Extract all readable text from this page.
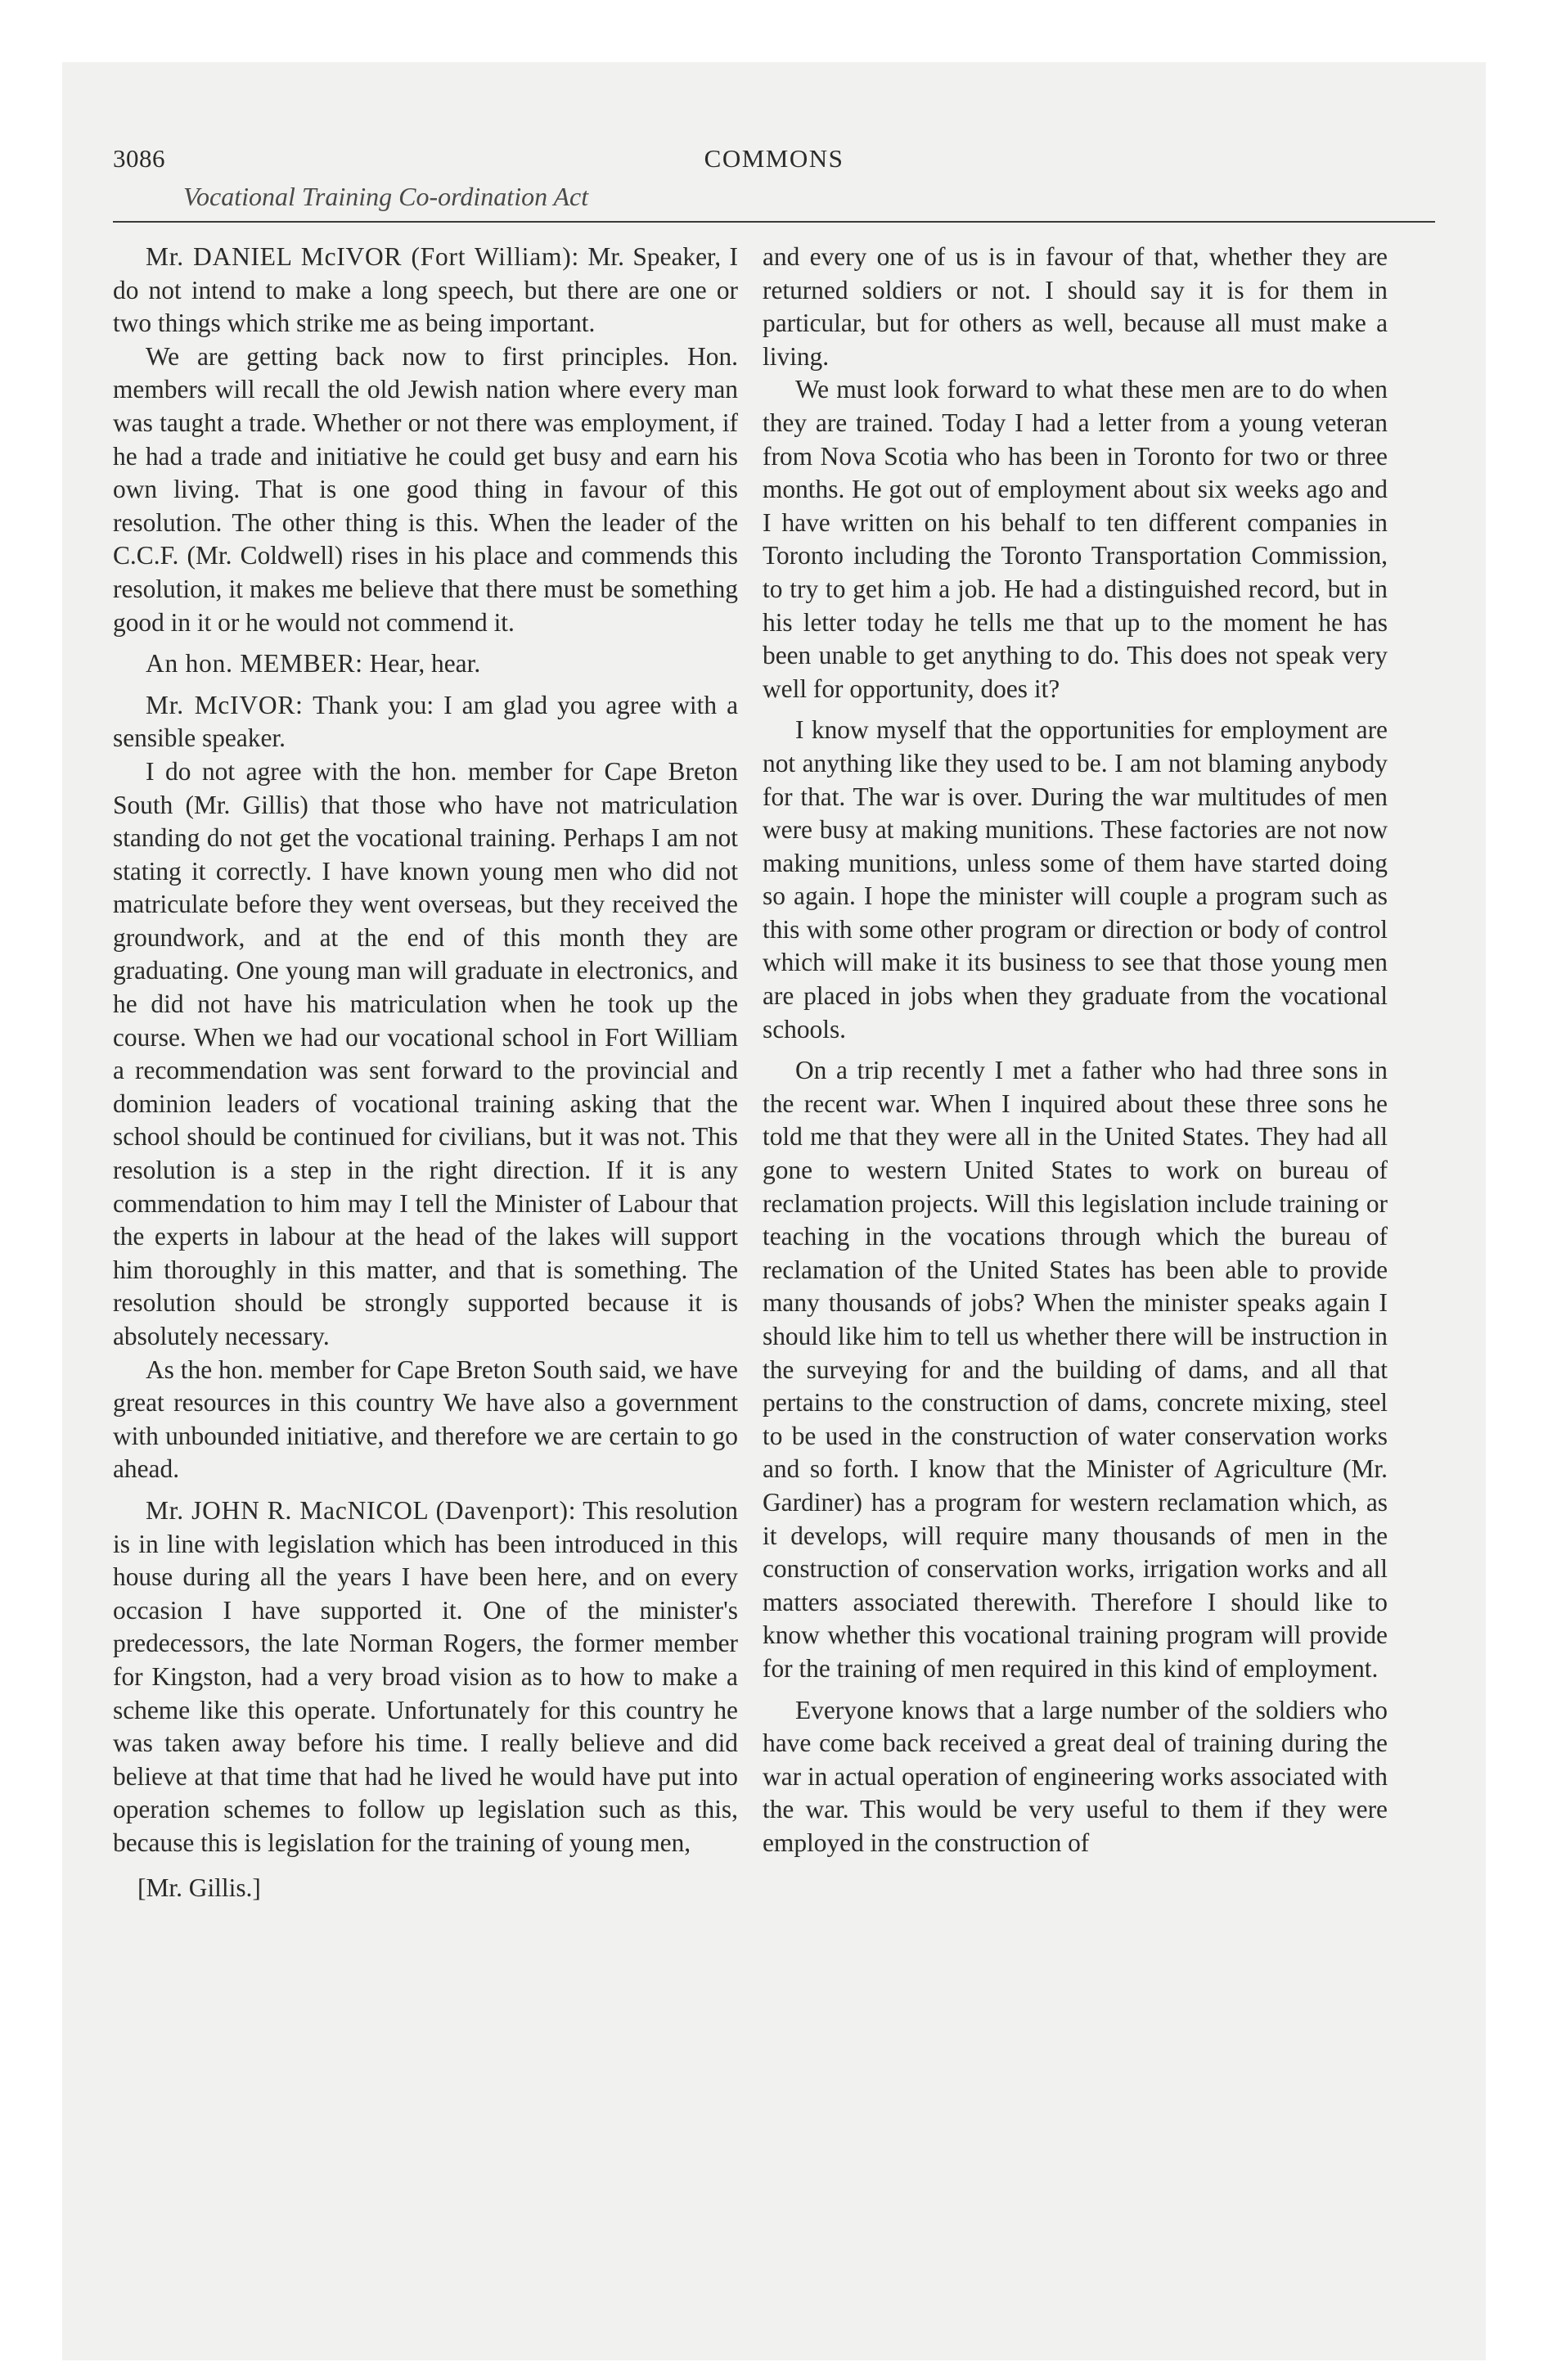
3086	COMMONS
Vocational Training Co-ordination Act

Mr. DANIEL McIVOR (Fort William): Mr. Speaker, I do not intend to make a long speech, but there are one or two things which strike me as being important.

We are getting back now to first principles. Hon. members will recall the old Jewish nation where every man was taught a trade. Whether or not there was employment, if he had a trade and initiative he could get busy and earn his own living. That is one good thing in favour of this resolution. The other thing is this. When the leader of the C.C.F. (Mr. Coldwell) rises in his place and commends this resolution, it makes me believe that there must be something good in it or he would not commend it.

An hon. MEMBER: Hear, hear.

Mr. McIVOR: Thank you: I am glad you agree with a sensible speaker.

I do not agree with the hon. member for Cape Breton South (Mr. Gillis) that those who have not matriculation standing do not get the vocational training. Perhaps I am not stating it correctly. I have known young men who did not matriculate before they went overseas, but they received the groundwork, and at the end of this month they are graduating. One young man will graduate in electronics, and he did not have his matriculation when he took up the course. When we had our vocational school in Fort William a recommendation was sent forward to the provincial and dominion leaders of vocational training asking that the school should be continued for civilians, but it was not. This resolution is a step in the right direction. If it is any commendation to him may I tell the Minister of Labour that the experts in labour at the head of the lakes will support him thoroughly in this matter, and that is something. The resolution should be strongly supported because it is absolutely necessary.

As the hon. member for Cape Breton South said, we have great resources in this country We have also a government with unbounded initiative, and therefore we are certain to go ahead.

Mr. JOHN R. MacNICOL (Davenport): This resolution is in line with legislation which has been introduced in this house during all the years I have been here, and on every occasion I have supported it. One of the minister's predecessors, the late Norman Rogers, the former member for Kingston, had a very broad vision as to how to make a scheme like this operate. Unfortunately for this country he was taken away before his time. I really believe and did believe at that time that had he lived he would have put into operation schemes to follow up legislation such as this, because this is legislation for the training of young men,

[Mr. Gillis.]

and every one of us is in favour of that, whether they are returned soldiers or not. I should say it is for them in particular, but for others as well, because all must make a living.

We must look forward to what these men are to do when they are trained. Today I had a letter from a young veteran from Nova Scotia who has been in Toronto for two or three months. He got out of employment about six weeks ago and I have written on his behalf to ten different companies in Toronto including the Toronto Transportation Commission, to try to get him a job. He had a distinguished record, but in his letter today he tells me that up to the moment he has been unable to get anything to do. This does not speak very well for opportunity, does it?

I know myself that the opportunities for employment are not anything like they used to be. I am not blaming anybody for that. The war is over. During the war multitudes of men were busy at making munitions. These factories are not now making munitions, unless some of them have started doing so again. I hope the minister will couple a program such as this with some other program or direction or body of control which will make it its business to see that those young men are placed in jobs when they graduate from the vocational schools.

On a trip recently I met a father who had three sons in the recent war. When I inquired about these three sons he told me that they were all in the United States. They had all gone to western United States to work on bureau of reclamation projects. Will this legislation include training or teaching in the vocations through which the bureau of reclamation of the United States has been able to provide many thousands of jobs? When the minister speaks again I should like him to tell us whether there will be instruction in the surveying for and the building of dams, and all that pertains to the construction of dams, concrete mixing, steel to be used in the construction of water conservation works and so forth. I know that the Minister of Agriculture (Mr. Gardiner) has a program for western reclamation which, as it develops, will require many thousands of men in the construction of conservation works, irrigation works and all matters associated therewith. Therefore I should like to know whether this vocational training program will provide for the training of men required in this kind of employment.

Everyone knows that a large number of the soldiers who have come back received a great deal of training during the war in actual operation of engineering works associated with the war. This would be very useful to them if they were employed in the construction of
